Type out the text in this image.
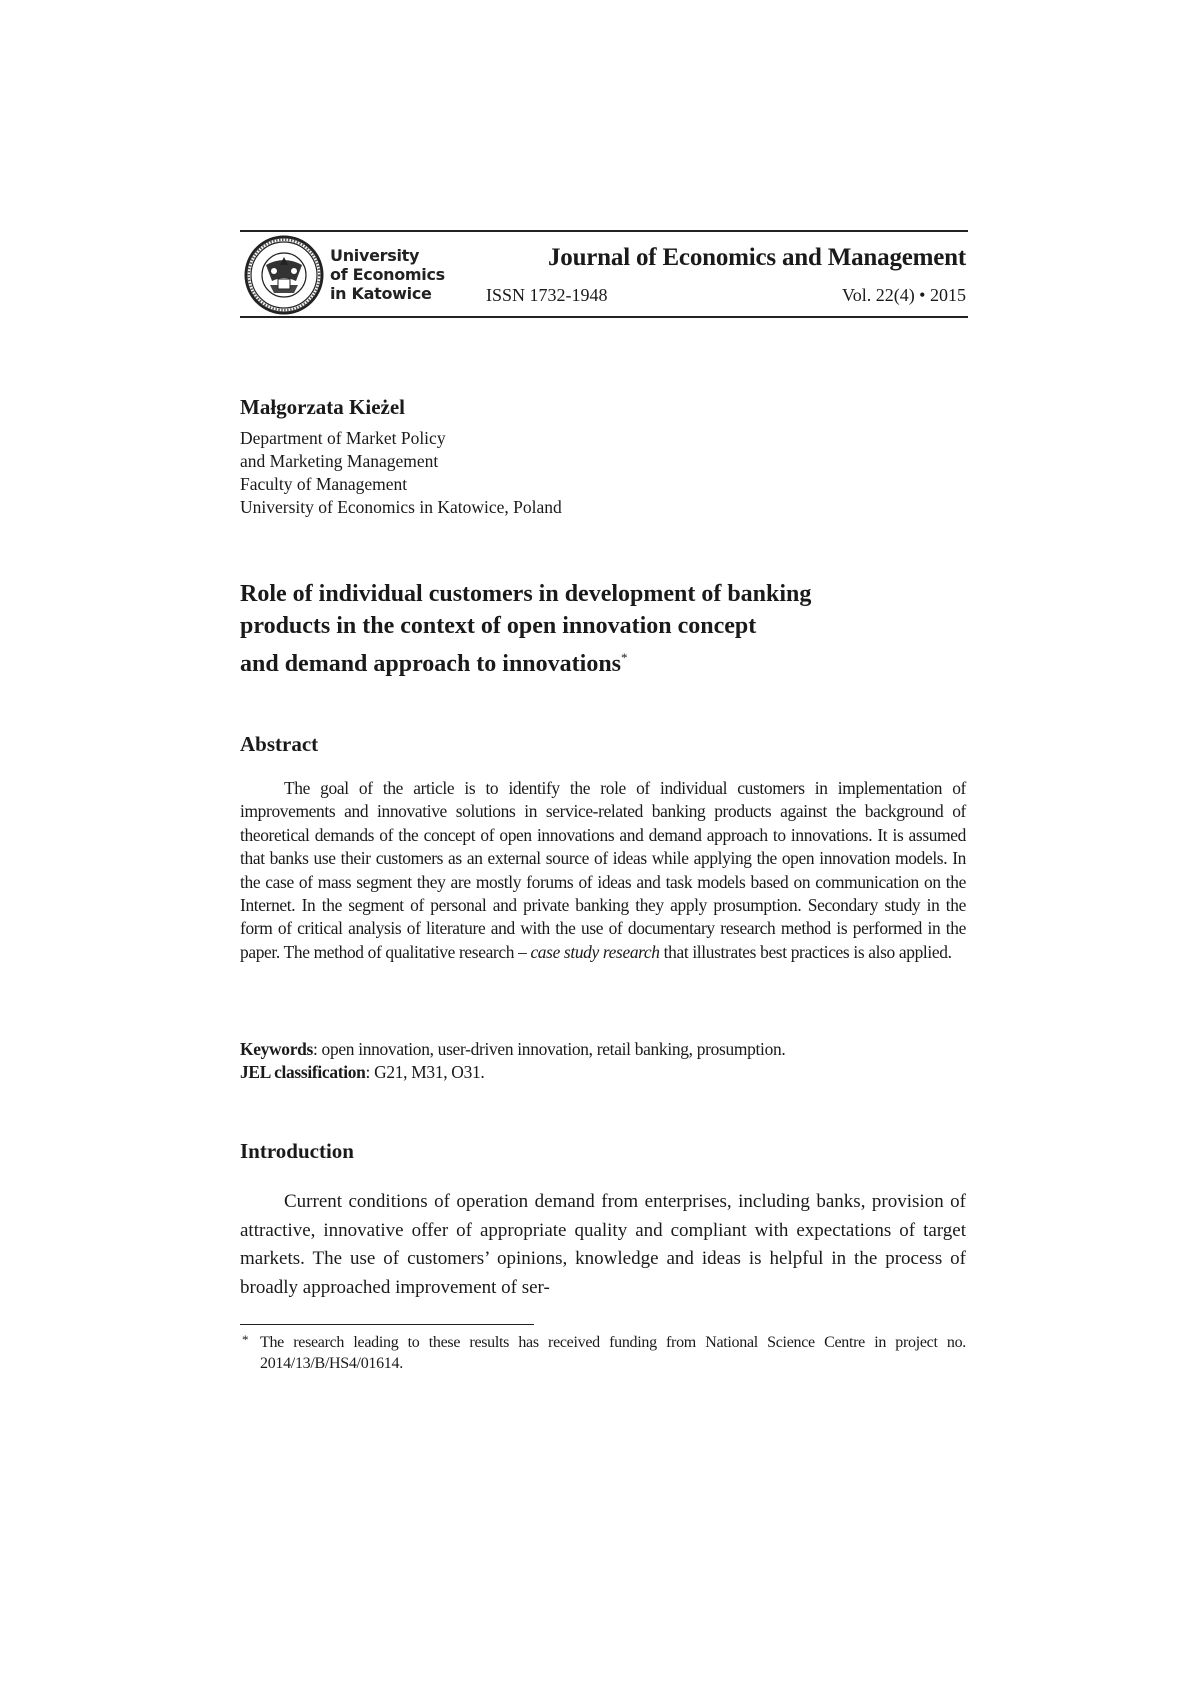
University
of Economics
in Katowice
Journal of Economics and Management
ISSN 1732-1948	Vol. 22(4) • 2015
Małgorzata Kieżel
Department of Market Policy
and Marketing Management
Faculty of Management
University of Economics in Katowice, Poland
Role of individual customers in development of banking
products in the context of open innovation concept
and demand approach to innovations*
Abstract

The goal of the article is to identify the role of individual customers in implementation of improvements and innovative solutions in service-related banking products against the background of theoretical demands of the concept of open innovations and demand approach to innovations. It is assumed that banks use their customers as an external source of ideas while applying the open innovation models. In the case of mass segment they are mostly forums of ideas and task models based on communication on the Internet. In the segment of personal and private banking they apply prosumption. Secondary study in the form of critical analysis of literature and with the use of documentary research method is performed in the paper. The method of qualitative research – case study research that illustrates best practices is also applied.

Keywords: open innovation, user-driven innovation, retail banking, prosumption.
JEL classification: G21, M31, O31.
Introduction

Current conditions of operation demand from enterprises, including banks, provision of attractive, innovative offer of appropriate quality and compliant with expectations of target markets. The use of customers’ opinions, knowledge and ideas is helpful in the process of broadly approached improvement of ser-

* The research leading to these results has received funding from National Science Centre in project no. 2014/13/B/HS4/01614.
